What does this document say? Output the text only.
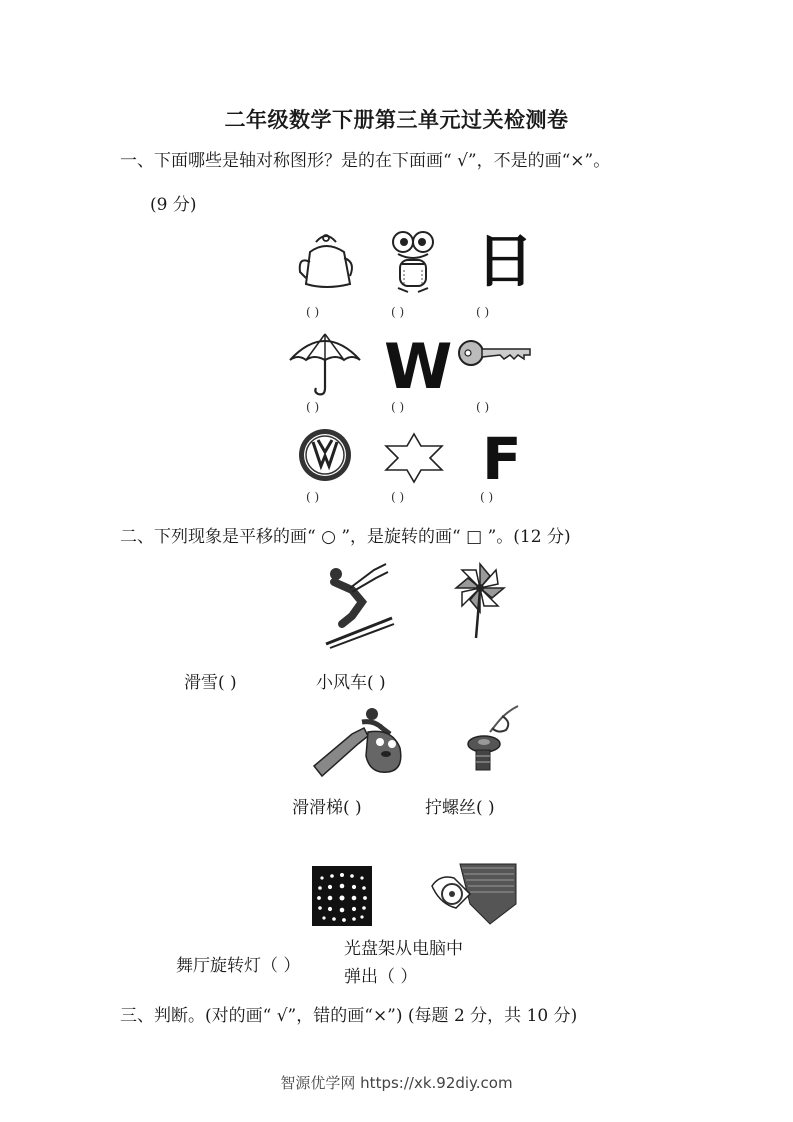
二年级数学下册第三单元过关检测卷
一、下面哪些是轴对称图形？是的在下面画“ √”，不是的画“×”。
(9 分)
日
( )	( )	( )
W
( )	( )	( )
F
( )	( )	( )
二、下列现象是平移的画“ ○ ”，是旋转的画“ □ ”。(12 分)
滑雪( )	小风车( )
滑滑梯( )	拧螺丝( )
舞厅旋转灯（ ）
光盘架从电脑中
弹出（ ）
三、判断。(对的画“ √”，错的画“×”) (每题 2 分，共 10 分)
智源优学网 https://xk.92diy.com
